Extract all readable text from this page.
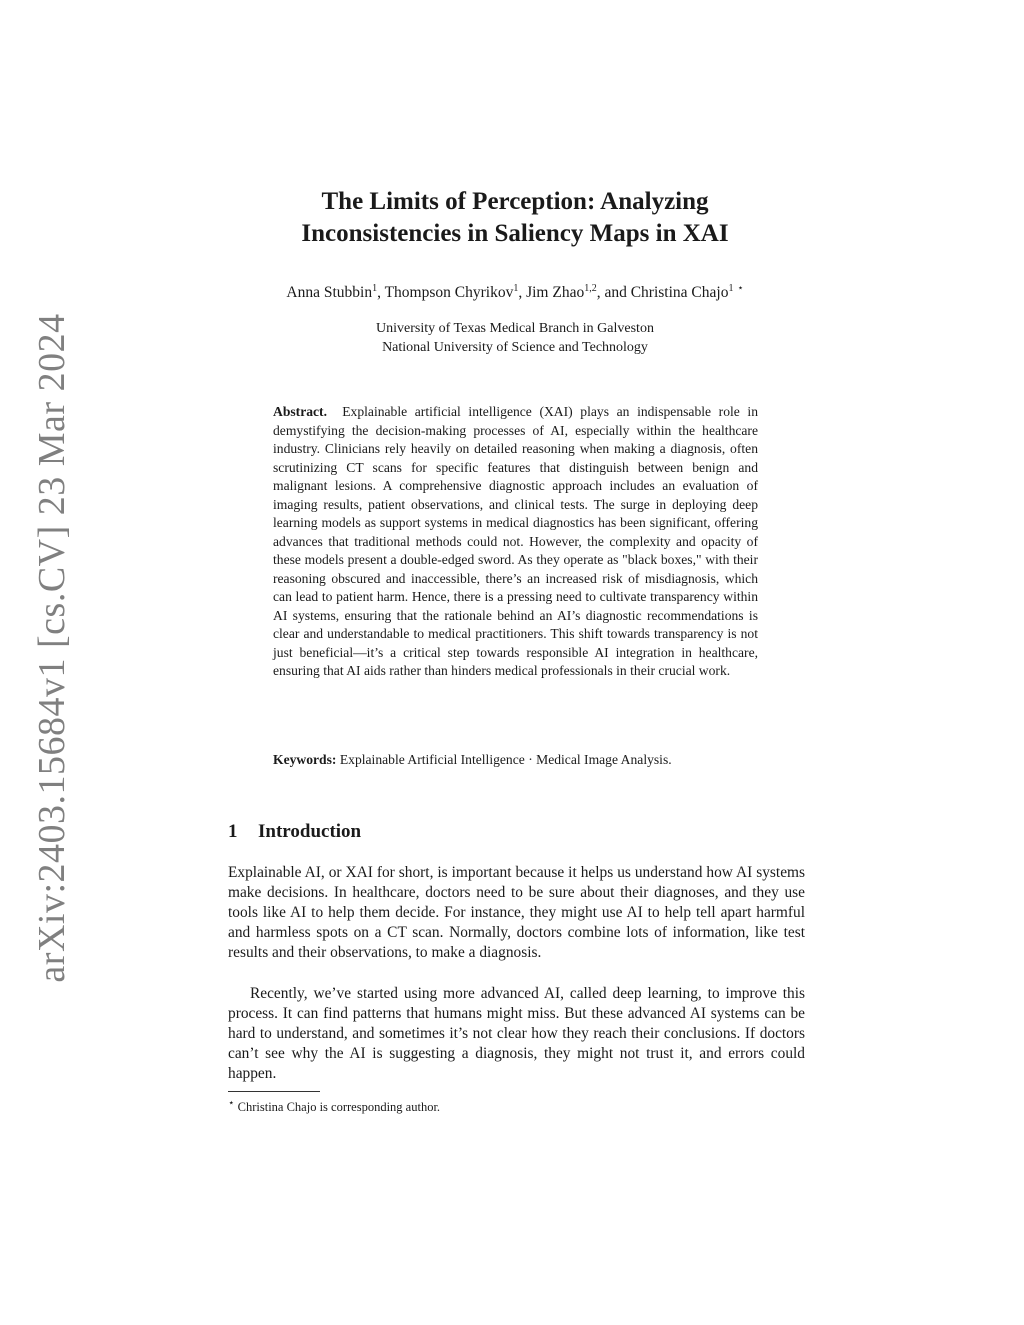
arXiv:2403.15684v1 [cs.CV] 23 Mar 2024
The Limits of Perception: Analyzing
Inconsistencies in Saliency Maps in XAI
Anna Stubbin$^1$, Thompson Chyrikov$^1$, Jim Zhao$^{1,2}$, and Christina Chajo$^1$ ⋆
University of Texas Medical Branch in Galveston
National University of Science and Technology

Abstract. Explainable artificial intelligence (XAI) plays an indispensable role in demystifying the decision-making processes of AI, especially within the healthcare industry. Clinicians rely heavily on detailed reasoning when making a diagnosis, often scrutinizing CT scans for specific features that distinguish between benign and malignant lesions. A comprehensive diagnostic approach includes an evaluation of imaging results, patient observations, and clinical tests. The surge in deploying deep learning models as support systems in medical diagnostics has been significant, offering advances that traditional methods could not. However, the complexity and opacity of these models present a double-edged sword. As they operate as "black boxes," with their reasoning obscured and inaccessible, there’s an increased risk of misdiagnosis, which can lead to patient harm. Hence, there is a pressing need to cultivate transparency within AI systems, ensuring that the rationale behind an AI’s diagnostic recommendations is clear and understandable to medical practitioners. This shift towards transparency is not just beneficial—it’s a critical step towards responsible AI integration in healthcare, ensuring that AI aids rather than hinders medical professionals in their crucial work.

Keywords: Explainable Artificial Intelligence · Medical Image Analysis.

1 Introduction

Explainable AI, or XAI for short, is important because it helps us understand how AI systems make decisions. In healthcare, doctors need to be sure about their diagnoses, and they use tools like AI to help them decide. For instance, they might use AI to help tell apart harmful and harmless spots on a CT scan. Normally, doctors combine lots of information, like test results and their observations, to make a diagnosis.

Recently, we’ve started using more advanced AI, called deep learning, to improve this process. It can find patterns that humans might miss. But these advanced AI systems can be hard to understand, and sometimes it’s not clear how they reach their conclusions. If doctors can’t see why the AI is suggesting a diagnosis, they might not trust it, and errors could happen.

⋆ Christina Chajo is corresponding author.
